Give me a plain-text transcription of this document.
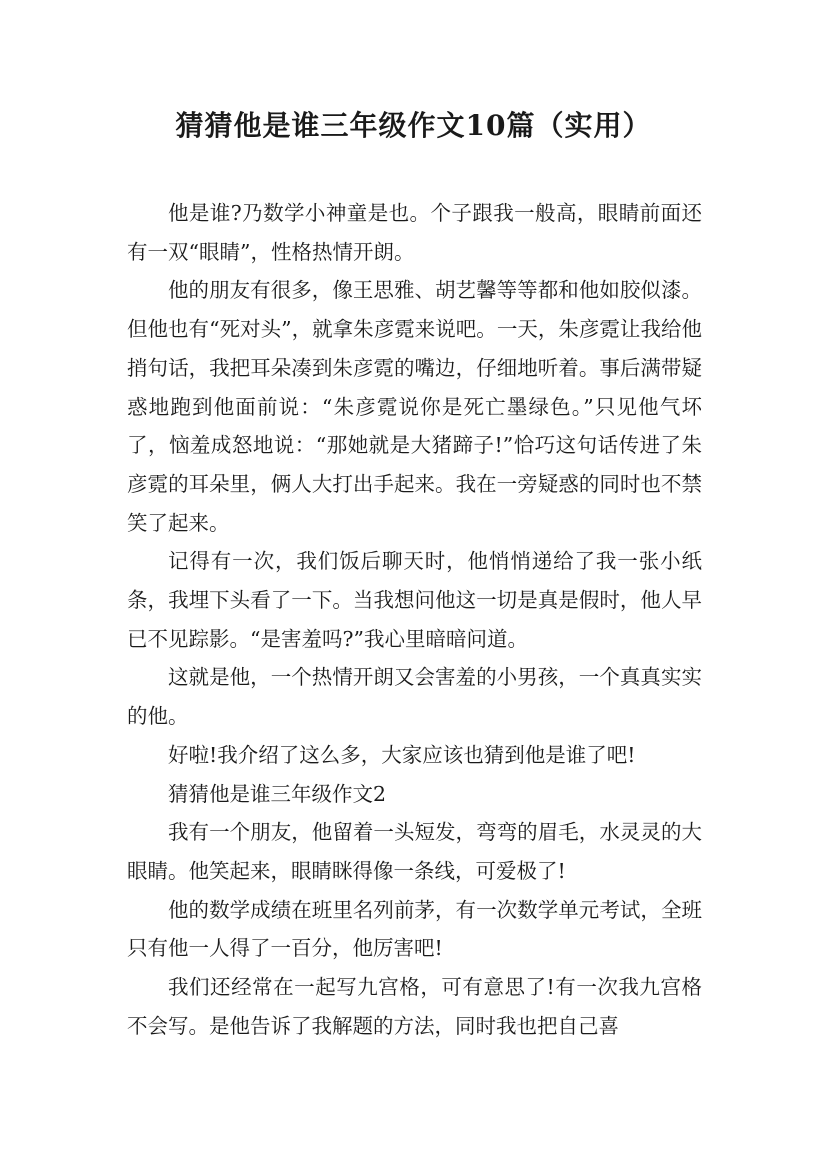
猜猜他是谁三年级作文10篇（实用）

他是谁?乃数学小神童是也。个子跟我一般高，眼睛前面还有一双“眼睛”，性格热情开朗。

他的朋友有很多，像王思雅、胡艺馨等等都和他如胶似漆。但他也有“死对头”，就拿朱彦霓来说吧。一天，朱彦霓让我给他捎句话，我把耳朵凑到朱彦霓的嘴边，仔细地听着。事后满带疑惑地跑到他面前说：“朱彦霓说你是死亡墨绿色。”只见他气坏了，恼羞成怒地说：“那她就是大猪蹄子!”恰巧这句话传进了朱彦霓的耳朵里，俩人大打出手起来。我在一旁疑惑的同时也不禁笑了起来。

记得有一次，我们饭后聊天时，他悄悄递给了我一张小纸条，我埋下头看了一下。当我想问他这一切是真是假时，他人早已不见踪影。“是害羞吗?”我心里暗暗问道。

这就是他，一个热情开朗又会害羞的小男孩，一个真真实实的他。

好啦!我介绍了这么多，大家应该也猜到他是谁了吧!

猜猜他是谁三年级作文2

我有一个朋友，他留着一头短发，弯弯的眉毛，水灵灵的大眼睛。他笑起来，眼睛眯得像一条线，可爱极了!

他的数学成绩在班里名列前茅，有一次数学单元考试，全班只有他一人得了一百分，他厉害吧!

我们还经常在一起写九宫格，可有意思了!有一次我九宫格不会写。是他告诉了我解题的方法，同时我也把自己喜
